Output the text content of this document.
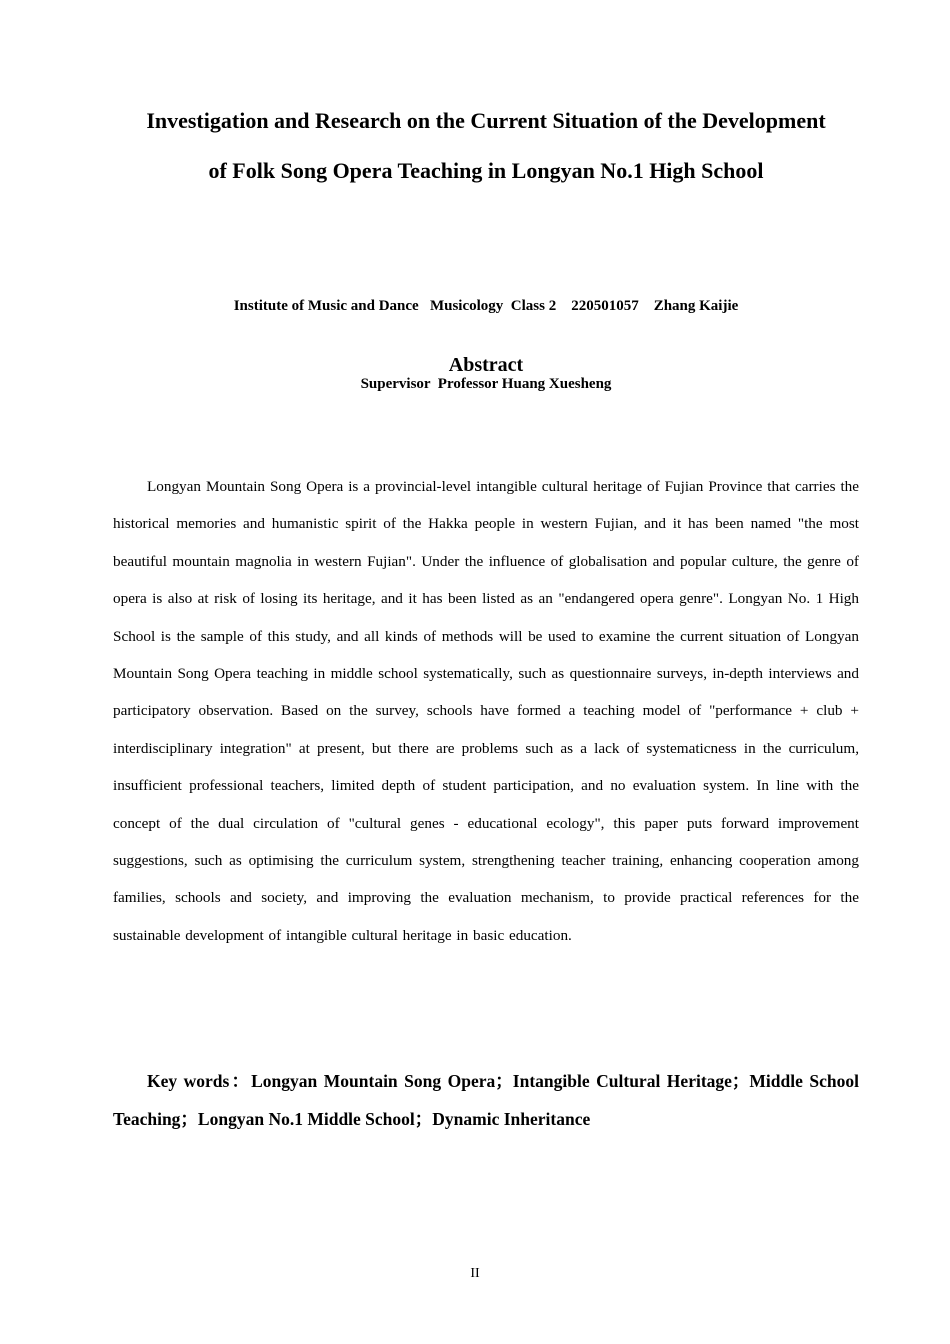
Investigation and Research on the Current Situation of the Development
of Folk Song Opera Teaching in Longyan No.1 High School

Institute of Music and Dance   Musicology  Class 2    220501057    Zhang Kaijie

Supervisor  Professor Huang Xuesheng

Abstract

Longyan Mountain Song Opera is a provincial-level intangible cultural heritage of Fujian Province that carries the historical memories and humanistic spirit of the Hakka people in western Fujian, and it has been named "the most beautiful mountain magnolia in western Fujian". Under the influence of globalisation and popular culture, the genre of opera is also at risk of losing its heritage, and it has been listed as an "endangered opera genre". Longyan No. 1 High School is the sample of this study, and all kinds of methods will be used to examine the current situation of Longyan Mountain Song Opera teaching in middle school systematically, such as questionnaire surveys, in-depth interviews and participatory observation. Based on the survey, schools have formed a teaching model of "performance + club + interdisciplinary integration" at present, but there are problems such as a lack of systematicness in the curriculum, insufficient professional teachers, limited depth of student participation, and no evaluation system. In line with the concept of the dual circulation of "cultural genes - educational ecology", this paper puts forward improvement suggestions, such as optimising the curriculum system, strengthening teacher training, enhancing cooperation among families, schools and society, and improving the evaluation mechanism, to provide practical references for the sustainable development of intangible cultural heritage in basic education.

Key words：Longyan Mountain Song Opera；Intangible Cultural Heritage；Middle School Teaching；Longyan No.1 Middle School；Dynamic Inheritance

II
